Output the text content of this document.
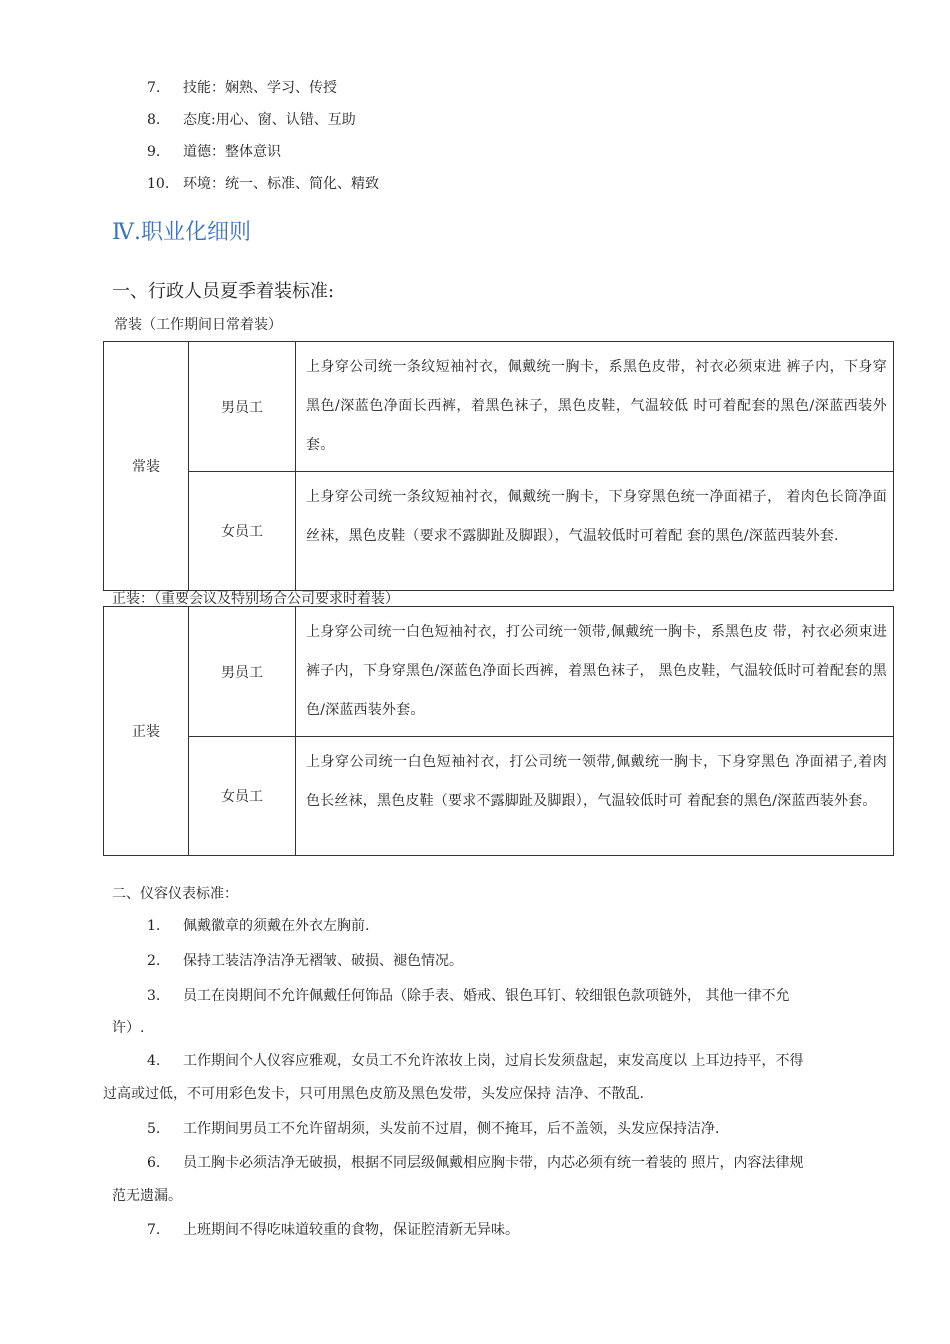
7. 技能：娴熟、学习、传授
8. 态度:用心、窗、认错、互助
9. 道德：整体意识
10. 环境：统一、标准、简化、精致
Ⅳ.职业化细则
一、行政人员夏季着装标准:
常装（工作期间日常着装）
常装	男员工	上身穿公司统一条纹短袖衬衣，佩戴统一胸卡，系黑色皮带，衬衣必须束进 裤子内，下身穿黑色/深蓝色净面长西裤，着黑色袜子，黑色皮鞋，气温较低 时可着配套的黑色/深蓝西装外套。
	女员工	上身穿公司统一条纹短袖衬衣，佩戴统一胸卡，下身穿黑色统一净面裙子， 着肉色长筒净面丝袜，黑色皮鞋（要求不露脚趾及脚跟），气温较低时可着配 套的黑色/深蓝西装外套.
正装：（重要会议及特别场合公司要求时着装）
正装	男员工	上身穿公司统一白色短袖衬衣，打公司统一领带,佩戴统一胸卡，系黑色皮 带，衬衣必须束进裤子内，下身穿黑色/深蓝色净面长西裤，着黑色袜子， 黑色皮鞋，气温较低时可着配套的黑色/深蓝西装外套。
	女员工	上身穿公司统一白色短袖衬衣，打公司统一领带,佩戴统一胸卡，下身穿黑色 净面裙子,着肉色长丝袜，黑色皮鞋（要求不露脚趾及脚跟），气温较低时可 着配套的黑色/深蓝西装外套。
二、仪容仪表标准：
1. 佩戴徽章的须戴在外衣左胸前.
2. 保持工装洁净洁净无褶皱、破损、褪色情况。
3. 员工在岗期间不允许佩戴任何饰品（除手表、婚戒、银色耳钉、较细银色款项链外， 其他一律不允
许）.
4. 工作期间个人仪容应雅观，女员工不允许浓妆上岗，过肩长发须盘起，束发高度以 上耳边持平，不得
过高或过低，不可用彩色发卡，只可用黑色皮筋及黑色发带，头发应保持 洁净、不散乱.
5. 工作期间男员工不允许留胡须，头发前不过眉，侧不掩耳，后不盖领，头发应保持洁净.
6. 员工胸卡必须洁净无破损，根据不同层级佩戴相应胸卡带，内芯必须有统一着装的 照片，内容法律规
范无遗漏。
7. 上班期间不得吃味道较重的食物，保证腔清新无异味。
